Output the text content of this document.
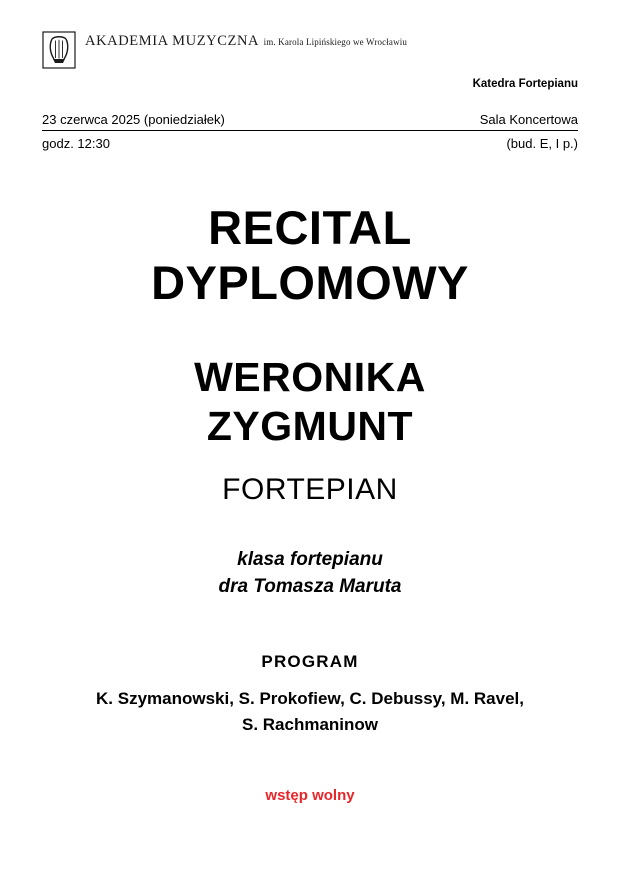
AKADEMIA MUZYCZNA im. Karola Lipińskiego we Wrocławiu
Katedra Fortepianu
23 czerwca 2025 (poniedziałek)
godz. 12:30
Sala Koncertowa
(bud. E, I p.)
RECITAL
DYPLOMOWY
WERONIKA
ZYGMUNT
FORTEPIAN
klasa fortepianu
dra Tomasza Maruta
PROGRAM
K. Szymanowski, S. Prokofiew, C. Debussy, M. Ravel,
S. Rachmaninow
wstęp wolny
